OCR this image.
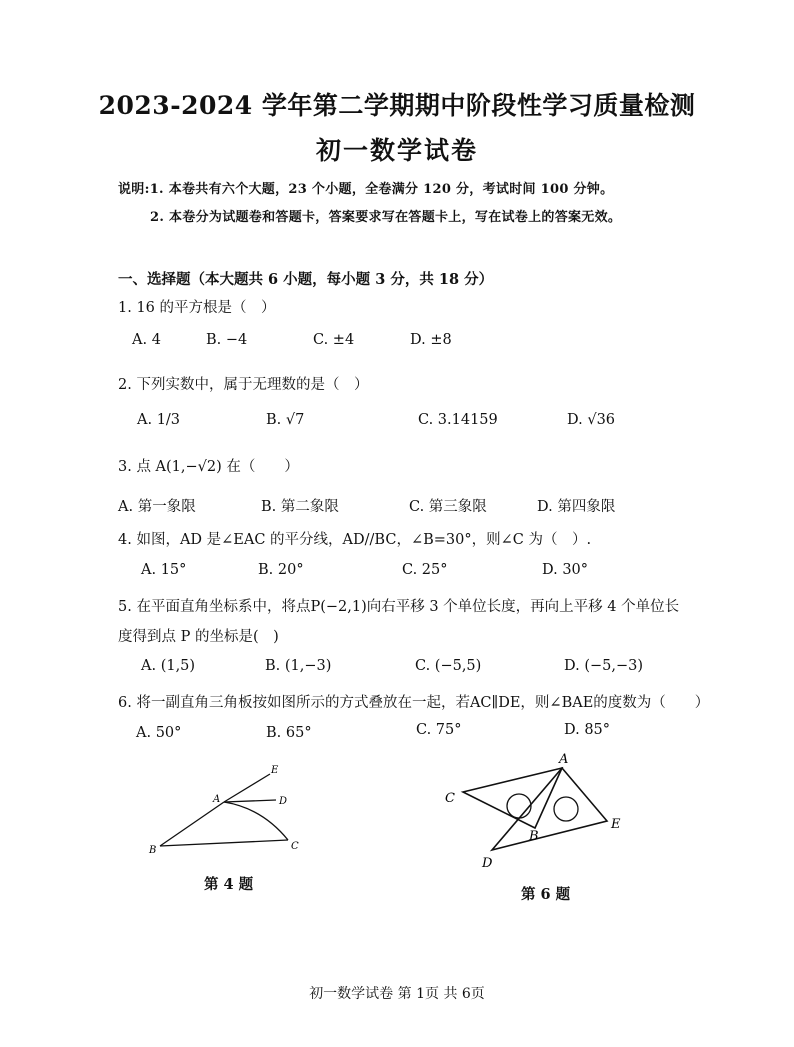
2023-2024 学年第二学期期中阶段性学习质量检测
初一数学试卷
说明:1. 本卷共有六个大题，23 个小题，全卷满分 120 分，考试时间 100 分钟。
2. 本卷分为试题卷和答题卡，答案要求写在答题卡上，写在试卷上的答案无效。
一、选择题（本大题共 6 小题，每小题 3 分，共 18 分）
1. 16 的平方根是（　）
A. 4	B. −4	C. ±4	D. ±8
2. 下列实数中，属于无理数的是（　）
A. 1/3	B. √7	C. 3.14159	D. √36
3. 点 A(1,−√2) 在（　　）
A. 第一象限	B. 第二象限	C. 第三象限	D. 第四象限
4. 如图，AD 是∠EAC 的平分线，AD//BC，∠B=30°，则∠C 为（　）.
A. 15°	B. 20°	C. 25°	D. 30°
5. 在平面直角坐标系中，将点P(−2,1)向右平移 3 个单位长度，再向上平移 4 个单位长
度得到点 P 的坐标是(　)
A. (1,5)	B. (1,−3)	C. (−5,5)	D. (−5,−3)
6. 将一副直角三角板按如图所示的方式叠放在一起，若AC∥DE，则∠BAE的度数为（　　）
A. 50°	B. 65°	C. 75°	D. 85°
E
D
A
B	C
第 4 题
A
C
B
E
D
第 6 题
初一数学试卷 第 1页 共 6页
